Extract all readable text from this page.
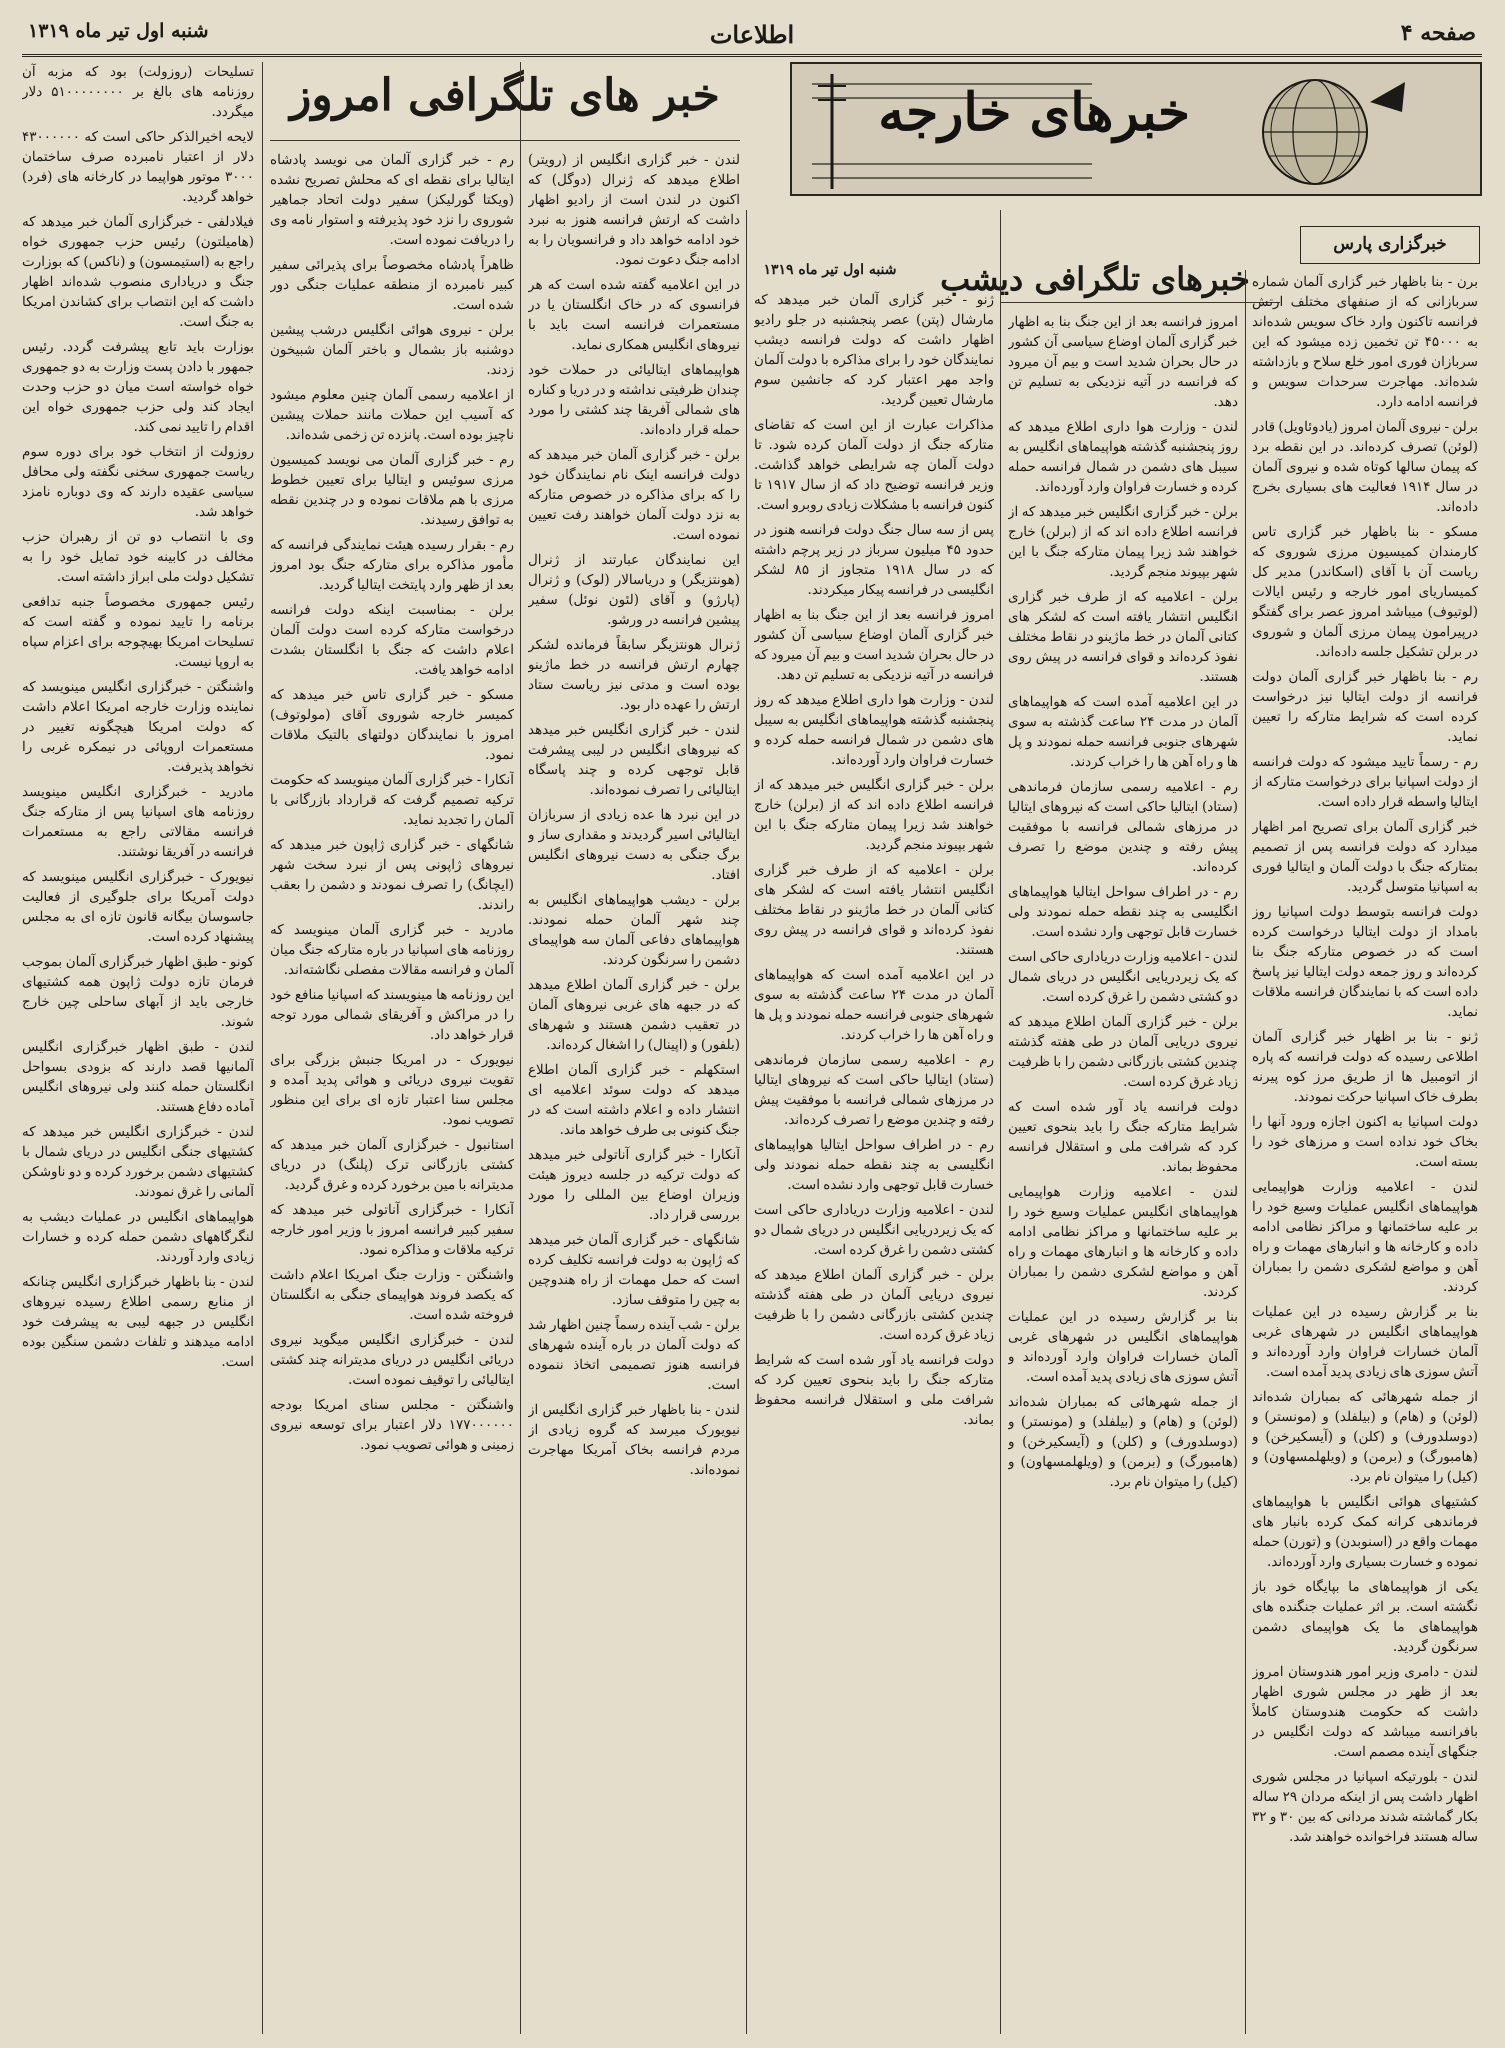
صفحه ۴
اطلاعات
شنبه اول تیر ماه ۱۳۱۹
خبرهای خارجه
خبرگزاری پارس
خبرهای تلگرافی دیشب
شنبه اول تیر ماه ۱۳۱۹
خبر های تلگرافی امروز

تسلیحات (روزولت) بود که مزبه آن روزنامه های بالغ بر ۵۱۰۰۰۰۰۰۰۰ دلار میگردد.

لایحه اخیرالذکر حاکی است که ۴۳۰۰۰۰۰۰ دلار از اعتبار نامبرده صرف ساختمان ۳۰۰۰ موتور هواپیما در کارخانه های (فرد) خواهد گردید.

فیلادلفی - خبرگزاری آلمان خبر میدهد که (هامیلتون) رئیس حزب جمهوری خواه راجع به (استیمسون) و (ناکس) که بوزارت جنگ و دریاداری منصوب شده‌اند اظهار داشت که این انتصاب برای کشاندن امریکا به جنگ است.

بوزارت باید تابع پیشرفت گردد. رئیس جمهور با دادن پست وزارت به دو جمهوری خواه خواسته است میان دو حزب وحدت ایجاد کند ولی حزب جمهوری خواه این اقدام را تایید نمی کند.

روزولت از انتخاب خود برای دوره سوم ریاست جمهوری سخنی نگفته ولی محافل سیاسی عقیده دارند که وی دوباره نامزد خواهد شد.

وی با انتصاب دو تن از رهبران حزب مخالف در کابینه خود تمایل خود را به تشکیل دولت ملی ابراز داشته است.

رئیس جمهوری مخصوصاً جنبه تدافعی برنامه را تایید نموده و گفته است که تسلیحات امریکا بهیچوجه برای اعزام سپاه به اروپا نیست.

واشنگتن - خبرگزاری انگلیس مینویسد که نماینده وزارت خارجه امریکا اعلام داشت که دولت امریکا هیچگونه تغییر در مستعمرات اروپائی در نیمکره غربی را نخواهد پذیرفت.

مادرید - خبرگزاری انگلیس مینویسد روزنامه های اسپانیا پس از متارکه جنگ فرانسه مقالاتی راجع به مستعمرات فرانسه در آفریقا نوشتند.

نیویورک - خبرگزاری انگلیس مینویسد که دولت آمریکا برای جلوگیری از فعالیت جاسوسان بیگانه قانون تازه ای به مجلس پیشنهاد کرده است.

کونو - طبق اظهار خبرگزاری آلمان بموجب فرمان تازه دولت ژاپون همه کشتیهای خارجی باید از آبهای ساحلی چین خارج شوند.

لندن - طبق اظهار خبرگزاری انگلیس آلمانیها قصد دارند که بزودی بسواحل انگلستان حمله کنند ولی نیروهای انگلیس آماده دفاع هستند.

لندن - خبرگزاری انگلیس خبر میدهد که کشتیهای جنگی انگلیس در دریای شمال با کشتیهای دشمن برخورد کرده و دو ناوشکن آلمانی را غرق نمودند.

هواپیماهای انگلیس در عملیات دیشب به لنگرگاههای دشمن حمله کرده و خسارات زیادی وارد آوردند.

لندن - بنا باظهار خبرگزاری انگلیس چنانکه از منابع رسمی اطلاع رسیده نیروهای انگلیس در جبهه لیبی به پیشرفت خود ادامه میدهند و تلفات دشمن سنگین بوده است.

رم - خبر گزاری آلمان می نویسد پادشاه ایتالیا برای نقطه ای که محلش تصریح نشده (ویکتا گورلیکز) سفیر دولت اتحاد جماهیر شوروی را نزد خود پذیرفته و استوار نامه وی را دریافت نموده است.

ظاهراً پادشاه مخصوصاً برای پذیرائی سفیر کبیر نامبرده از منطقه عملیات جنگی دور شده است.

برلن - نیروی هوائی انگلیس درشب پیشین دوشنبه باز بشمال و باختر آلمان شبیخون زدند.

از اعلامیه رسمی آلمان چنین معلوم میشود که آسیب این حملات مانند حملات پیشین ناچیز بوده است. پانزده تن زخمی شده‌اند.

رم - خبر گزاری آلمان می نویسد کمیسیون مرزی سوئیس و ایتالیا برای تعیین خطوط مرزی با هم ملاقات نموده و در چندین نقطه به توافق رسیدند.

رم - بقرار رسیده هیئت نمایندگی فرانسه که مأمور مذاکره برای متارکه جنگ بود امروز بعد از ظهر وارد پایتخت ایتالیا گردید.

برلن - بمناسبت اینکه دولت فرانسه درخواست متارکه کرده است دولت آلمان اعلام داشت که جنگ با انگلستان بشدت ادامه خواهد یافت.

مسکو - خبر گزاری تاس خبر میدهد که کمیسر خارجه شوروی آقای (مولوتوف) امروز با نمایندگان دولتهای بالتیک ملاقات نمود.

آنکارا - خبر گزاری آلمان مینویسد که حکومت ترکیه تصمیم گرفت که قرارداد بازرگانی با آلمان را تجدید نماید.

شانگهای - خبر گزاری ژاپون خبر میدهد که نیروهای ژاپونی پس از نبرد سخت شهر (ایچانگ) را تصرف نمودند و دشمن را بعقب راندند.

مادرید - خبر گزاری آلمان مینویسد که روزنامه های اسپانیا در باره متارکه جنگ میان آلمان و فرانسه مقالات مفصلی نگاشته‌اند.

این روزنامه ها مینویسند که اسپانیا منافع خود را در مراکش و آفریقای شمالی مورد توجه قرار خواهد داد.

نیویورک - در امریکا جنبش بزرگی برای تقویت نیروی دریائی و هوائی پدید آمده و مجلس سنا اعتبار تازه ای برای این منظور تصویب نمود.

استانبول - خبرگزاری آلمان خبر میدهد که کشتی بازرگانی ترک (پلنگ) در دریای مدیترانه با مین برخورد کرده و غرق گردید.

آنکارا - خبرگزاری آناتولی خبر میدهد که سفیر کبیر فرانسه امروز با وزیر امور خارجه ترکیه ملاقات و مذاکره نمود.

واشنگتن - وزارت جنگ امریکا اعلام داشت که یکصد فروند هواپیمای جنگی به انگلستان فروخته شده است.

لندن - خبرگزاری انگلیس میگوید نیروی دریائی انگلیس در دریای مدیترانه چند کشتی ایتالیائی را توقیف نموده است.

واشنگتن - مجلس سنای امریکا بودجه ۱۷۷۰۰۰۰۰۰ دلار اعتبار برای توسعه نیروی زمینی و هوائی تصویب نمود.

لندن - خبر گزاری انگلیس از (رویتر) اطلاع میدهد که ژنرال (دوگل) که اکنون در لندن است از رادیو اظهار داشت که ارتش فرانسه هنوز به نبرد خود ادامه خواهد داد و فرانسویان را به ادامه جنگ دعوت نمود.

در این اعلامیه گفته شده است که هر فرانسوی که در خاک انگلستان یا در مستعمرات فرانسه است باید با نیروهای انگلیس همکاری نماید.

هواپیماهای ایتالیائی در حملات خود چندان ظرفیتی نداشته و در دریا و کناره های شمالی آفریقا چند کشتی را مورد حمله قرار داده‌اند.

برلن - خبر گزاری آلمان خبر میدهد که دولت فرانسه اینک نام نمایندگان خود را که برای مذاکره در خصوص متارکه به نزد دولت آلمان خواهند رفت تعیین نموده است.

این نمایندگان عبارتند از ژنرال (هونتزیگر) و دریاسالار (لوک) و ژنرال (پارژو) و آقای (لئون نوئل) سفیر پیشین فرانسه در ورشو.

ژنرال هونتزیگر سابقاً فرمانده لشکر چهارم ارتش فرانسه در خط ماژینو بوده است و مدتی نیز ریاست ستاد ارتش را عهده دار بود.

لندن - خبر گزاری انگلیس خبر میدهد که نیروهای انگلیس در لیبی پیشرفت قابل توجهی کرده و چند پاسگاه ایتالیائی را تصرف نموده‌اند.

در این نبرد ها عده زیادی از سربازان ایتالیائی اسیر گردیدند و مقداری ساز و برگ جنگی به دست نیروهای انگلیس افتاد.

برلن - دیشب هواپیماهای انگلیس به چند شهر آلمان حمله نمودند. هواپیماهای دفاعی آلمان سه هواپیمای دشمن را سرنگون کردند.

برلن - خبر گزاری آلمان اطلاع میدهد که در جبهه های غربی نیروهای آلمان در تعقیب دشمن هستند و شهرهای (بلفور) و (اپینال) را اشغال کرده‌اند.

استکهلم - خبر گزاری آلمان اطلاع میدهد که دولت سوئد اعلامیه ای انتشار داده و اعلام داشته است که در جنگ کنونی بی طرف خواهد ماند.

آنکارا - خبر گزاری آناتولی خبر میدهد که دولت ترکیه در جلسه دیروز هیئت وزیران اوضاع بین المللی را مورد بررسی قرار داد.

شانگهای - خبر گزاری آلمان خبر میدهد که ژاپون به دولت فرانسه تکلیف کرده است که حمل مهمات از راه هندوچین به چین را متوقف سازد.

برلن - شب آینده رسماً چنین اظهار شد که دولت آلمان در باره آینده شهرهای فرانسه هنوز تصمیمی اتخاذ ننموده است.

لندن - بنا باظهار خبر گزاری انگلیس از نیویورک میرسد که گروه زیادی از مردم فرانسه بخاک آمریکا مهاجرت نموده‌اند.

ژنو - خبر گزاری آلمان خبر میدهد که مارشال (پتن) عصر پنجشنبه در جلو رادیو اظهار داشت که دولت فرانسه دیشب نمایندگان خود را برای مذاکره با دولت آلمان واجد مهر اعتبار کرد که جانشین سوم مارشال تعیین گردید.

مذاکرات عبارت از این است که تقاضای متارکه جنگ از دولت آلمان کرده شود. تا دولت آلمان چه شرایطی خواهد گذاشت. وزیر فرانسه توضیح داد که از سال ۱۹۱۷ تا کنون فرانسه با مشکلات زیادی روبرو است.

پس از سه سال جنگ دولت فرانسه هنوز در حدود ۴۵ میلیون سرباز در زیر پرچم داشته که در سال ۱۹۱۸ متجاوز از ۸۵ لشکر انگلیسی در فرانسه پیکار میکردند.

امروز فرانسه بعد از این جنگ بنا به اظهار خبر گزاری آلمان اوضاع سیاسی آن کشور در حال بحران شدید است و بیم آن میرود که فرانسه در آتیه نزدیکی به تسلیم تن دهد.

لندن - وزارت هوا داری اطلاع میدهد که روز پنجشنبه گذشته هواپیماهای انگلیس به سیبل های دشمن در شمال فرانسه حمله کرده و خسارت فراوان وارد آورده‌اند.

برلن - خبر گزاری انگلیس خبر میدهد که از فرانسه اطلاع داده اند که از (برلن) خارج خواهند شد زیرا پیمان متارکه جنگ با این شهر بپیوند منجم گردید.

برلن - اعلامیه که از طرف خبر گزاری انگلیس انتشار یافته است که لشکر های کتانی آلمان در خط ماژینو در نقاط مختلف نفوذ کرده‌اند و قوای فرانسه در پیش روی هستند.

در این اعلامیه آمده است که هواپیماهای آلمان در مدت ۲۴ ساعت گذشته به سوی شهرهای جنوبی فرانسه حمله نمودند و پل ها و راه آهن ها را خراب کردند.

رم - اعلامیه رسمی سازمان فرماندهی (ستاد) ایتالیا حاکی است که نیروهای ایتالیا در مرزهای شمالی فرانسه با موفقیت پیش رفته و چندین موضع را تصرف کرده‌اند.

رم - در اطراف سواحل ایتالیا هواپیماهای انگلیسی به چند نقطه حمله نمودند ولی خسارت قابل توجهی وارد نشده است.

لندن - اعلامیه وزارت دریاداری حاکی است که یک زیردریایی انگلیس در دریای شمال دو کشتی دشمن را غرق کرده است.

برلن - خبر گزاری آلمان اطلاع میدهد که نیروی دریایی آلمان در طی هفته گذشته چندین کشتی بازرگانی دشمن را با ظرفیت زیاد غرق کرده است.

دولت فرانسه یاد آور شده است که شرایط متارکه جنگ را باید بنحوی تعیین کرد که شرافت ملی و استقلال فرانسه محفوظ بماند.

برن - بنا باظهار خبر گزاری آلمان شماره سربازانی که از صنفهای مختلف ارتش فرانسه تاکنون وارد خاک سویس شده‌اند به ۴۵۰۰۰ تن تخمین زده میشود که این سربازان فوری امور خلع سلاح و بازداشته شده‌اند. مهاجرت سرحدات سویس و فرانسه ادامه دارد.

برلن - نیروی آلمان امروز (یادوئاویل) قادر (لوئن) تصرف کرده‌اند. در این نقطه برد که پیمان سالها کوتاه شده و نیروی آلمان در سال ۱۹۱۴ فعالیت های بسیاری بخرج داده‌اند.

مسکو - بنا باظهار خبر گزاری تاس کارمندان کمیسیون مرزی شوروی که ریاست آن با آقای (اسکاندر) مدیر کل کمیساریای امور خارجه و رئیس ایالات (لوتیوف) میباشد امروز عصر برای گفتگو درپیرامون پیمان مرزی آلمان و شوروی در برلن تشکیل جلسه داده‌اند.

رم - بنا باظهار خبر گزاری آلمان دولت فرانسه از دولت ایتالیا نیز درخواست کرده است که شرایط متارکه را تعیین نماید.

رم - رسماً تایید میشود که دولت فرانسه از دولت اسپانیا برای درخواست متارکه از ایتالیا واسطه قرار داده است.

خبر گزاری آلمان برای تصریح امر اظهار میدارد که دولت فرانسه پس از تصمیم بمتارکه جنگ با دولت آلمان و ایتالیا فوری به اسپانیا متوسل گردید.

دولت فرانسه بتوسط دولت اسپانیا روز بامداد از دولت ایتالیا درخواست کرده است که در خصوص متارکه جنگ بنا کرده‌اند و روز جمعه دولت ایتالیا نیز پاسخ داده است که با نمایندگان فرانسه ملاقات نماید.

ژنو - بنا بر اظهار خبر گزاری آلمان اطلاعی رسیده که دولت فرانسه که پاره از اتومبیل ها از طریق مرز کوه پیرنه بطرف خاک اسپانیا حرکت نمودند.

دولت اسپانیا به اکنون اجازه ورود آنها را بخاک خود نداده است و مرزهای خود را بسته است.

لندن - اعلامیه وزارت هواپیمایی هواپیماهای انگلیس عملیات وسیع خود را بر علیه ساختمانها و مراکز نظامی ادامه داده و کارخانه ها و انبارهای مهمات و راه آهن و مواضع لشکری دشمن را بمباران کردند.

بنا بر گزارش رسیده در این عملیات هواپیماهای انگلیس در شهرهای غربی آلمان خسارات فراوان وارد آورده‌اند و آتش سوزی های زیادی پدید آمده است.

از جمله شهرهائی که بمباران شده‌اند (لوئن) و (هام) و (بیلفلد) و (مونستر) و (دوسلدورف) و (کلن) و (آیسکیرخن) و (هامبورگ) و (برمن) و (ویلهلمسهاون) و (کیل) را میتوان نام برد.

کشتیهای هوائی انگلیس با هواپیماهای فرماندهی کرانه کمک کرده بانبار های مهمات واقع در (اسنوبدن) و (تورن) حمله نموده و خسارت بسیاری وارد آورده‌اند.

یکی از هواپیماهای ما بپایگاه خود باز نگشته است. بر اثر عملیات جنگنده های هواپیماهای ما یک هواپیمای دشمن سرنگون گردید.

لندن - دامری وزیر امور هندوستان امروز بعد از ظهر در مجلس شوری اظهار داشت که حکومت هندوستان کاملاً بافرانسه میباشد که دولت انگلیس در جنگهای آینده مصمم است.

لندن - بلورتیکه اسپانیا در مجلس شوری اظهار داشت پس از اینکه مردان ۲۹ ساله بکار گماشته شدند مردانی که بین ۳۰ و ۳۲ ساله هستند فراخوانده خواهند شد.

امروز فرانسه بعد از این جنگ بنا به اظهار خبر گزاری آلمان اوضاع سیاسی آن کشور در حال بحران شدید است و بیم آن میرود که فرانسه در آتیه نزدیکی به تسلیم تن دهد.

لندن - وزارت هوا داری اطلاع میدهد که روز پنجشنبه گذشته هواپیماهای انگلیس به سیبل های دشمن در شمال فرانسه حمله کرده و خسارت فراوان وارد آورده‌اند.

برلن - خبر گزاری انگلیس خبر میدهد که از فرانسه اطلاع داده اند که از (برلن) خارج خواهند شد زیرا پیمان متارکه جنگ با این شهر بپیوند منجم گردید.

برلن - اعلامیه که از طرف خبر گزاری انگلیس انتشار یافته است که لشکر های کتانی آلمان در خط ماژینو در نقاط مختلف نفوذ کرده‌اند و قوای فرانسه در پیش روی هستند.

در این اعلامیه آمده است که هواپیماهای آلمان در مدت ۲۴ ساعت گذشته به سوی شهرهای جنوبی فرانسه حمله نمودند و پل ها و راه آهن ها را خراب کردند.

رم - اعلامیه رسمی سازمان فرماندهی (ستاد) ایتالیا حاکی است که نیروهای ایتالیا در مرزهای شمالی فرانسه با موفقیت پیش رفته و چندین موضع را تصرف کرده‌اند.

رم - در اطراف سواحل ایتالیا هواپیماهای انگلیسی به چند نقطه حمله نمودند ولی خسارت قابل توجهی وارد نشده است.

لندن - اعلامیه وزارت دریاداری حاکی است که یک زیردریایی انگلیس در دریای شمال دو کشتی دشمن را غرق کرده است.

برلن - خبر گزاری آلمان اطلاع میدهد که نیروی دریایی آلمان در طی هفته گذشته چندین کشتی بازرگانی دشمن را با ظرفیت زیاد غرق کرده است.

دولت فرانسه یاد آور شده است که شرایط متارکه جنگ را باید بنحوی تعیین کرد که شرافت ملی و استقلال فرانسه محفوظ بماند.

لندن - اعلامیه وزارت هواپیمایی هواپیماهای انگلیس عملیات وسیع خود را بر علیه ساختمانها و مراکز نظامی ادامه داده و کارخانه ها و انبارهای مهمات و راه آهن و مواضع لشکری دشمن را بمباران کردند.

بنا بر گزارش رسیده در این عملیات هواپیماهای انگلیس در شهرهای غربی آلمان خسارات فراوان وارد آورده‌اند و آتش سوزی های زیادی پدید آمده است.

از جمله شهرهائی که بمباران شده‌اند (لوئن) و (هام) و (بیلفلد) و (مونستر) و (دوسلدورف) و (کلن) و (آیسکیرخن) و (هامبورگ) و (برمن) و (ویلهلمسهاون) و (کیل) را میتوان نام برد.
